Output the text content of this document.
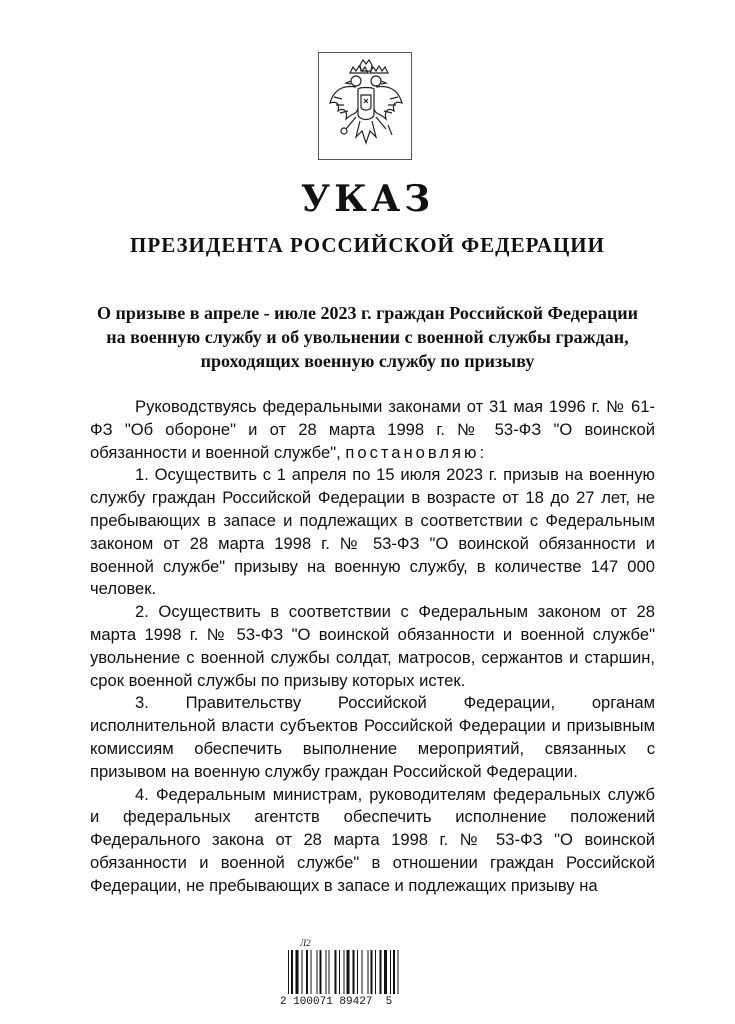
УКАЗ
ПРЕЗИДЕНТА РОССИЙСКОЙ ФЕДЕРАЦИИ
О призыве в апреле - июле 2023 г. граждан Российской Федерации на военную службу и об увольнении с военной службы граждан, проходящих военную службу по призыву

Руководствуясь федеральными законами от 31 мая 1996 г. № 61-ФЗ "Об обороне" и от 28 марта 1998 г. № 53-ФЗ "О воинской обязанности и военной службе", постановляю:

1. Осуществить с 1 апреля по 15 июля 2023 г. призыв на военную службу граждан Российской Федерации в возрасте от 18 до 27 лет, не пребывающих в запасе и подлежащих в соответствии с Федеральным законом от 28 марта 1998 г. № 53-ФЗ "О воинской обязанности и военной службе" призыву на военную службу, в количестве 147 000 человек.

2. Осуществить в соответствии с Федеральным законом от 28 марта 1998 г. № 53-ФЗ "О воинской обязанности и военной службе" увольнение с военной службы солдат, матросов, сержантов и старшин, срок военной службы по призыву которых истек.

3. Правительству Российской Федерации, органам исполнительной власти субъектов Российской Федерации и призывным комиссиям обеспечить выполнение мероприятий, связанных с призывом на военную службу граждан Российской Федерации.

4. Федеральным министрам, руководителям федеральных служб и федеральных агентств обеспечить исполнение положений Федерального закона от 28 марта 1998 г. № 53-ФЗ "О воинской обязанности и военной службе" в отношении граждан Российской Федерации, не пребывающих в запасе и подлежащих призыву на

Л2
2 100071 89427  5
